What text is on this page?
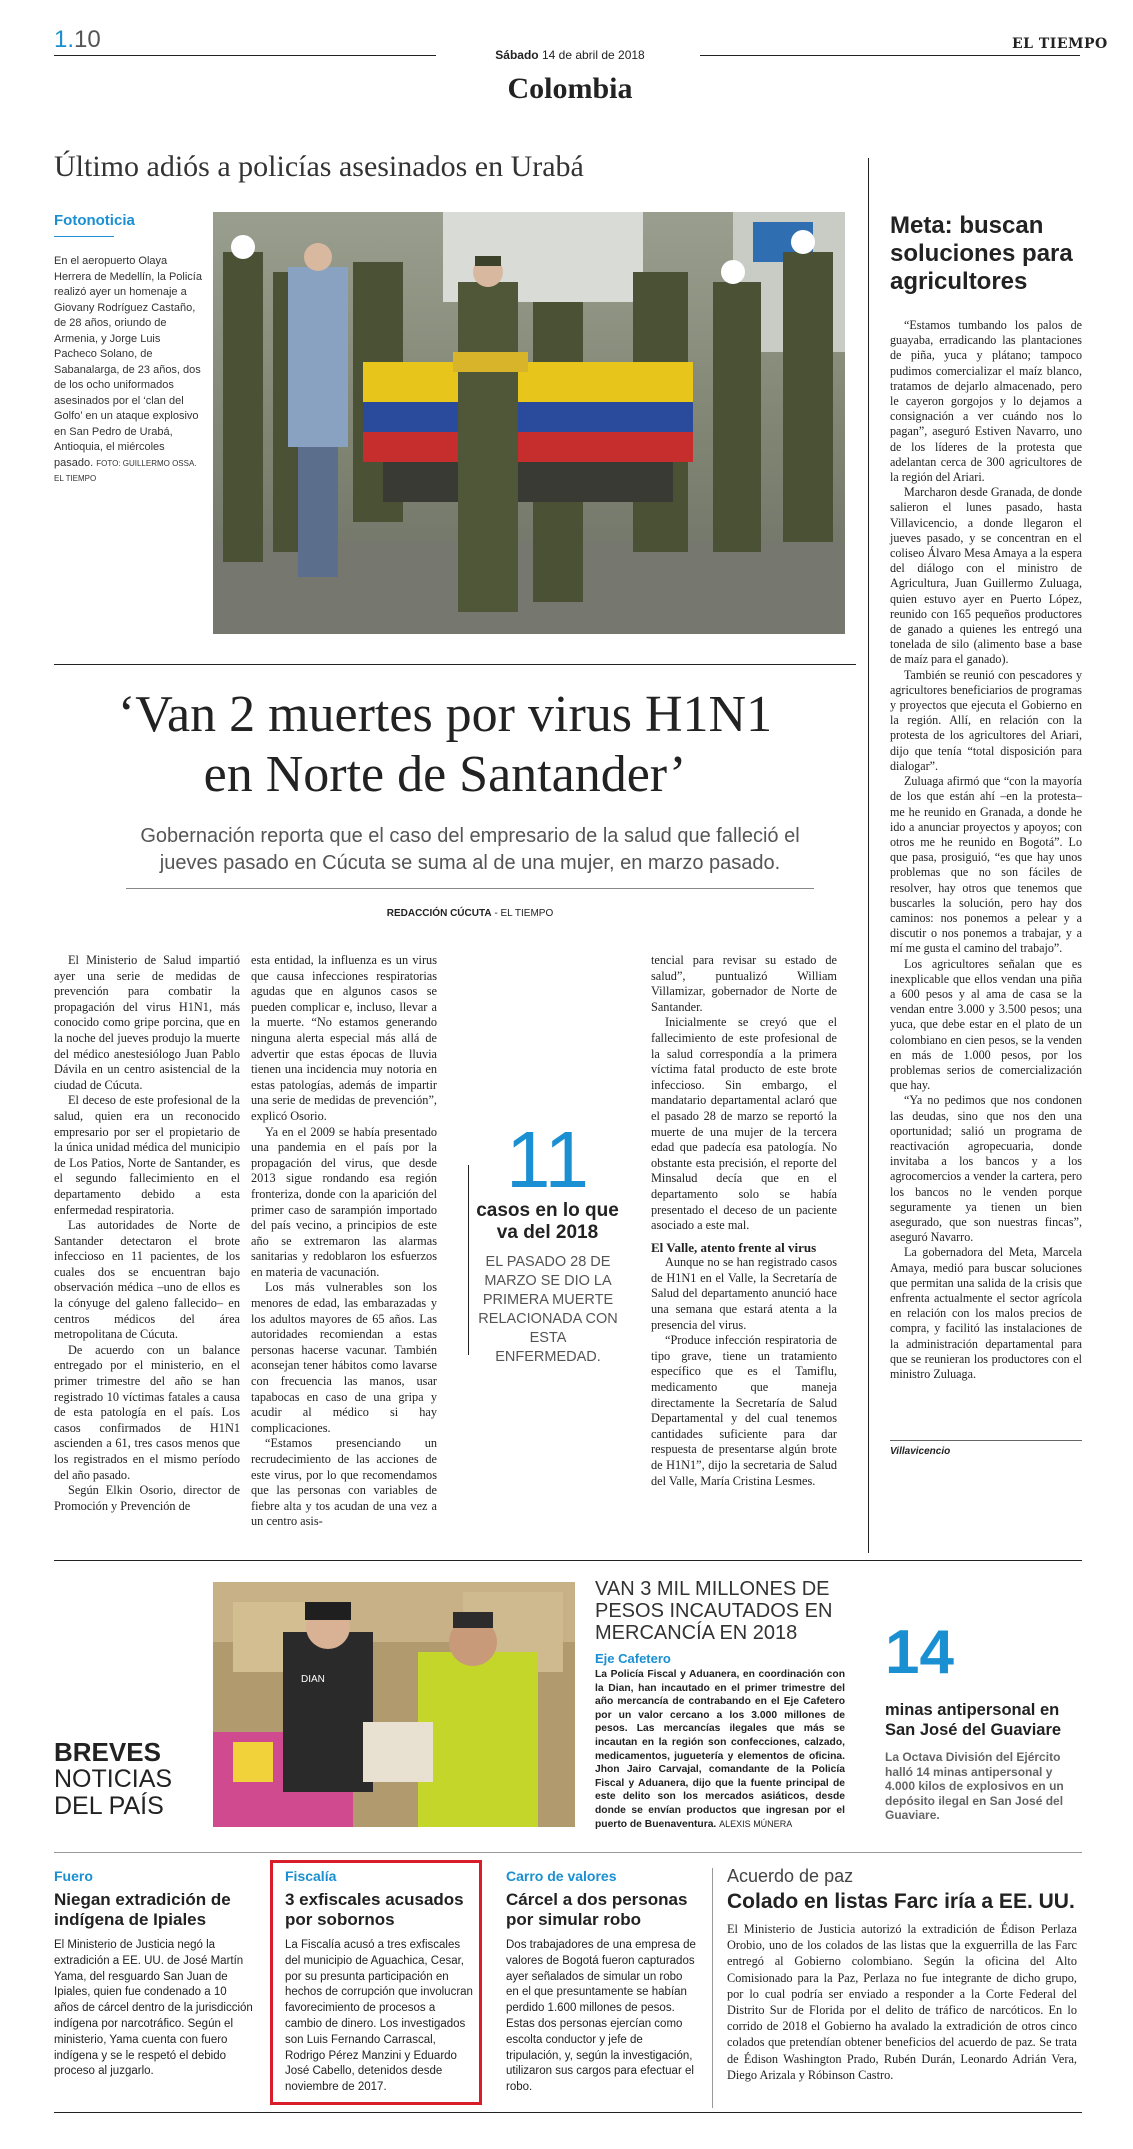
1.10
Sábado 14 de abril de 2018
Colombia
EL TIEMPO
Último adiós a policías asesinados en Urabá
Fotonoticia
En el aeropuerto Olaya Herrera de Medellín, la Policía realizó ayer un homenaje a Giovany Rodríguez Castaño, de 28 años, oriundo de Armenia, y Jorge Luis Pacheco Solano, de Sabanalarga, de 23 años, dos de los ocho uniformados asesinados por el ‘clan del Golfo’ en un ataque explosivo en San Pedro de Urabá, Antioquia, el miércoles pasado. FOTO: GUILLERMO OSSA. EL TIEMPO
‘Van 2 muertes por virus H1N1 en Norte de Santander’
Gobernación reporta que el caso del empresario de la salud que falleció el jueves pasado en Cúcuta se suma al de una mujer, en marzo pasado.
REDACCIÓN CÚCUTA - EL TIEMPO

El Ministerio de Salud impartió ayer una serie de medidas de prevención para combatir la propagación del virus H1N1, más conocido como gripe porcina, que en la noche del jueves produjo la muerte del médico anestesiólogo Juan Pablo Dávila en un centro asistencial de la ciudad de Cúcuta.

El deceso de este profesional de la salud, quien era un reconocido empresario por ser el propietario de la única unidad médica del municipio de Los Patios, Norte de Santander, es el segundo fallecimiento en el departamento debido a esta enfermedad respiratoria.

Las autoridades de Norte de Santander detectaron el brote infeccioso en 11 pacientes, de los cuales dos se encuentran bajo observación médica –uno de ellos es la cónyuge del galeno fallecido– en centros médicos del área metropolitana de Cúcuta.

De acuerdo con un balance entregado por el ministerio, en el primer trimestre del año se han registrado 10 víctimas fatales a causa de esta patología en el país. Los casos confirmados de H1N1 ascienden a 61, tres casos menos que los registrados en el mismo período del año pasado.

Según Elkin Osorio, director de Promoción y Prevención de

esta entidad, la influenza es un virus que causa infecciones respiratorias agudas que en algunos casos se pueden complicar e, incluso, llevar a la muerte. “No estamos generando ninguna alerta especial más allá de advertir que estas épocas de lluvia tienen una incidencia muy notoria en estas patologías, además de impartir una serie de medidas de prevención”, explicó Osorio.

Ya en el 2009 se había presentado una pandemia en el país por la propagación del virus, que desde 2013 sigue rondando esa región fronteriza, donde con la aparición del primer caso de sarampión importado del país vecino, a principios de este año se extremaron las alarmas sanitarias y redoblaron los esfuerzos en materia de vacunación.

Los más vulnerables son los menores de edad, las embarazadas y los adultos mayores de 65 años. Las autoridades recomiendan a estas personas hacerse vacunar. También aconsejan tener hábitos como lavarse con frecuencia las manos, usar tapabocas en caso de una gripa y acudir al médico si hay complicaciones.

“Estamos presenciando un recrudecimiento de las acciones de este virus, por lo que recomendamos que las personas con variables de fiebre alta y tos acudan de una vez a un centro asis-

11
casos en lo que va del 2018
EL PASADO 28 DE MARZO SE DIO LA PRIMERA MUERTE RELACIONADA CON ESTA ENFERMEDAD.

tencial para revisar su estado de salud”, puntualizó William Villamizar, gobernador de Norte de Santander.

Inicialmente se creyó que el fallecimiento de este profesional de la salud correspondía a la primera víctima fatal producto de este brote infeccioso. Sin embargo, el mandatario departamental aclaró que el pasado 28 de marzo se reportó la muerte de una mujer de la tercera edad que padecía esa patología. No obstante esta precisión, el reporte del Minsalud decía que en el departamento solo se había presentado el deceso de un paciente asociado a este mal.

El Valle, atento frente al virus

Aunque no se han registrado casos de H1N1 en el Valle, la Secretaría de Salud del departamento anunció hace una semana que estará atenta a la presencia del virus.

“Produce infección respiratoria de tipo grave, tiene un tratamiento específico que es el Tamiflu, medicamento que maneja directamente la Secretaría de Salud Departamental y del cual tenemos cantidades suficiente para dar respuesta de presentarse algún brote de H1N1”, dijo la secretaria de Salud del Valle, María Cristina Lesmes.

Meta: buscan soluciones para agricultores

“Estamos tumbando los palos de guayaba, erradicando las plantaciones de piña, yuca y plátano; tampoco pudimos comercializar el maíz blanco, tratamos de dejarlo almacenado, pero le cayeron gorgojos y lo dejamos a consignación a ver cuándo nos lo pagan”, aseguró Estiven Navarro, uno de los líderes de la protesta que adelantan cerca de 300 agricultores de la región del Ariari.

Marcharon desde Granada, de donde salieron el lunes pasado, hasta Villavicencio, a donde llegaron el jueves pasado, y se concentran en el coliseo Álvaro Mesa Amaya a la espera del diálogo con el ministro de Agricultura, Juan Guillermo Zuluaga, quien estuvo ayer en Puerto López, reunido con 165 pequeños productores de ganado a quienes les entregó una tonelada de silo (alimento base a base de maíz para el ganado).

También se reunió con pescadores y agricultores beneficiarios de programas y proyectos que ejecuta el Gobierno en la región. Allí, en relación con la protesta de los agricultores del Ariari, dijo que tenía “total disposición para dialogar”.

Zuluaga afirmó que “con la mayoría de los que están ahí –en la protesta– me he reunido en Granada, a donde he ido a anunciar proyectos y apoyos; con otros me he reunido en Bogotá”. Lo que pasa, prosiguió, “es que hay unos problemas que no son fáciles de resolver, hay otros que tenemos que buscarles la solución, pero hay dos caminos: nos ponemos a pelear y a discutir o nos ponemos a trabajar, y a mí me gusta el camino del trabajo”.

Los agricultores señalan que es inexplicable que ellos vendan una piña a 600 pesos y al ama de casa se la vendan entre 3.000 y 3.500 pesos; una yuca, que debe estar en el plato de un colombiano en cien pesos, se la venden en más de 1.000 pesos, por los problemas serios de comercialización que hay.

“Ya no pedimos que nos condonen las deudas, sino que nos den una oportunidad; salió un programa de reactivación agropecuaria, donde invitaba a los bancos y a los agrocomercios a vender la cartera, pero los bancos no le venden porque seguramente ya tienen un bien asegurado, que son nuestras fincas”, aseguró Navarro.

La gobernadora del Meta, Marcela Amaya, medió para buscar soluciones que permitan una salida de la crisis que enfrenta actualmente el sector agrícola en relación con los malos precios de compra, y facilitó las instalaciones de la administración departamental para que se reunieran los productores con el ministro Zuluaga.

Villavicencio
BREVES
NOTICIAS
DEL PAÍS
DIAN
VAN 3 MIL MILLONES DE PESOS INCAUTADOS EN MERCANCÍA EN 2018
Eje Cafetero
La Policía Fiscal y Aduanera, en coordinación con la Dian, han incautado en el primer trimestre del año mercancía de contrabando en el Eje Cafetero por un valor cercano a los 3.000 millones de pesos. Las mercancías ilegales que más se incautan en la región son confecciones, calzado, medicamentos, juguetería y elementos de oficina. Jhon Jairo Carvajal, comandante de la Policía Fiscal y Aduanera, dijo que la fuente principal de este delito son los mercados asiáticos, desde donde se envían productos que ingresan por el puerto de Buenaventura. ALEXIS MÚNERA
14
minas antipersonal en San José del Guaviare
La Octava División del Ejército halló 14 minas antipersonal y 4.000 kilos de explosivos en un depósito ilegal en San José del Guaviare.
Fuero
Niegan extradición de indígena de Ipiales
El Ministerio de Justicia negó la extradición a EE. UU. de José Martín Yama, del resguardo San Juan de Ipiales, quien fue condenado a 10 años de cárcel dentro de la jurisdicción indígena por narcotráfico. Según el ministerio, Yama cuenta con fuero indígena y se le respetó el debido proceso al juzgarlo.
Fiscalía
3 exfiscales acusados por sobornos
La Fiscalía acusó a tres exfiscales del municipio de Aguachica, Cesar, por su presunta participación en hechos de corrupción que involucran favorecimiento de procesos a cambio de dinero. Los investigados son Luis Fernando Carrascal, Rodrigo Pérez Manzini y Eduardo José Cabello, detenidos desde noviembre de 2017.
Carro de valores
Cárcel a dos personas por simular robo
Dos trabajadores de una empresa de valores de Bogotá fueron capturados ayer señalados de simular un robo en el que presuntamente se habían perdido 1.600 millones de pesos. Estas dos personas ejercían como escolta conductor y jefe de tripulación, y, según la investigación, utilizaron sus cargos para efectuar el robo.
Acuerdo de paz
Colado en listas Farc iría a EE. UU.
El Ministerio de Justicia autorizó la extradición de Édison Perlaza Orobio, uno de los colados de las listas que la exguerrilla de las Farc entregó al Gobierno colombiano. Según la oficina del Alto Comisionado para la Paz, Perlaza no fue integrante de dicho grupo, por lo cual podría ser enviado a responder a la Corte Federal del Distrito Sur de Florida por el delito de tráfico de narcóticos. En lo corrido de 2018 el Gobierno ha avalado la extradición de otros cinco colados que pretendían obtener beneficios del acuerdo de paz. Se trata de Édison Washington Prado, Rubén Durán, Leonardo Adrián Vera, Diego Arizala y Róbinson Castro.
